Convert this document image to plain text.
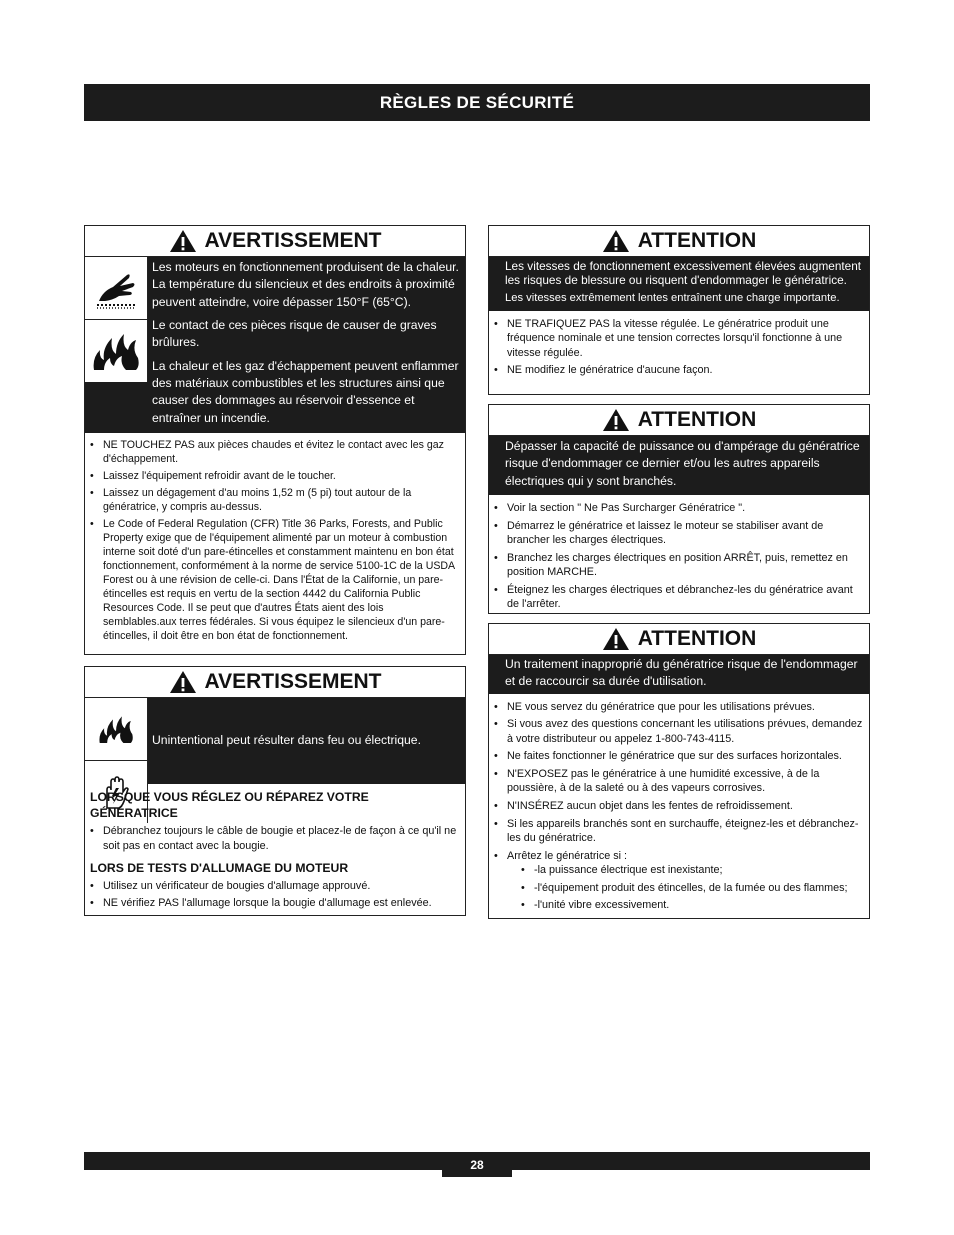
RÈGLES DE SÉCURITÉ
AVERTISSEMENT

Les moteurs en fonctionnement produisent de la chaleur. La température du silencieux et des endroits à proximité peuvent atteindre, voire dépasser 150°F (65°C).

Le contact de ces pièces risque de causer de graves brûlures.

La chaleur et les gaz d'échappement peuvent enflammer des matériaux combustibles et les structures ainsi que causer des dommages au réservoir d'essence et entraîner un incendie.

• NE TOUCHEZ PAS aux pièces chaudes et évitez le contact avec les gaz d'échappement.
• Laissez l'équipement refroidir avant de le toucher.
• Laissez un dégagement d'au moins 1,52 m (5 pi) tout autour de la génératrice, y compris au-dessus.
• Le Code of Federal Regulation (CFR) Title 36 Parks, Forests, and Public Property exige que de l'équipement alimenté par un moteur à combustion interne soit doté d'un pare-étincelles et constamment maintenu en bon état fonctionnement, conformément à la norme de service 5100-1C de la USDA Forest ou à une révision de celle-ci. Dans l'État de la Californie, un pare-étincelles est requis en vertu de la section 4442 du California Public Resources Code. Il se peut que d'autres États aient des lois semblables.aux terres fédérales. Si vous équipez le silencieux d'un pare-étincelles, il doit être en bon état de fonctionnement.
AVERTISSEMENT
Unintentional peut résulter dans feu ou électrique.
LORSQUE VOUS RÉGLEZ OU RÉPAREZ VOTRE GÉNÉRATRICE
• Débranchez toujours le câble de bougie et placez-le de façon à ce qu'il ne soit pas en contact avec la bougie.
LORS DE TESTS D'ALLUMAGE DU MOTEUR
• Utilisez un vérificateur de bougies d'allumage approuvé.
• NE vérifiez PAS l'allumage lorsque la bougie d'allumage est enlevée.
ATTENTION

Les vitesses de fonctionnement excessivement élevées augmentent les risques de blessure ou risquent d'endommager le génératrice.

Les vitesses extrêmement lentes entraînent une charge importante.

• NE TRAFIQUEZ PAS la vitesse régulée. Le génératrice produit une fréquence nominale et une tension correctes lorsqu'il fonctionne à une vitesse régulée.
• NE modifiez le génératrice d'aucune façon.
ATTENTION
Dépasser la capacité de puissance ou d'ampérage du génératrice risque d'endommager ce dernier et/ou les autres appareils électriques qui y sont branchés.
• Voir la section " Ne Pas Surcharger Génératrice ".
• Démarrez le génératrice et laissez le moteur se stabiliser avant de brancher les charges électriques.
• Branchez les charges électriques en position ARRÊT, puis, remettez en position MARCHE.
• Éteignez les charges électriques et débranchez-les du génératrice avant de l'arrêter.
ATTENTION
Un traitement inapproprié du génératrice risque de l'endommager et de raccourcir sa durée d'utilisation.
• NE vous servez du génératrice que pour les utilisations prévues.
• Si vous avez des questions concernant les utilisations prévues, demandez à votre distributeur ou appelez 1-800-743-4115.
• Ne faites fonctionner le génératrice que sur des surfaces horizontales.
• N'EXPOSEZ pas le génératrice à une humidité excessive, à de la poussière, à de la saleté ou à des vapeurs corrosives.
• N'INSÉREZ aucun objet dans les fentes de refroidissement.
• Si les appareils branchés sont en surchauffe, éteignez-les et débranchez-les du génératrice.
• Arrêtez le génératrice si :
• -la puissance électrique est inexistante;
• -l'équipement produit des étincelles, de la fumée ou des flammes;
• -l'unité vibre excessivement.
28
